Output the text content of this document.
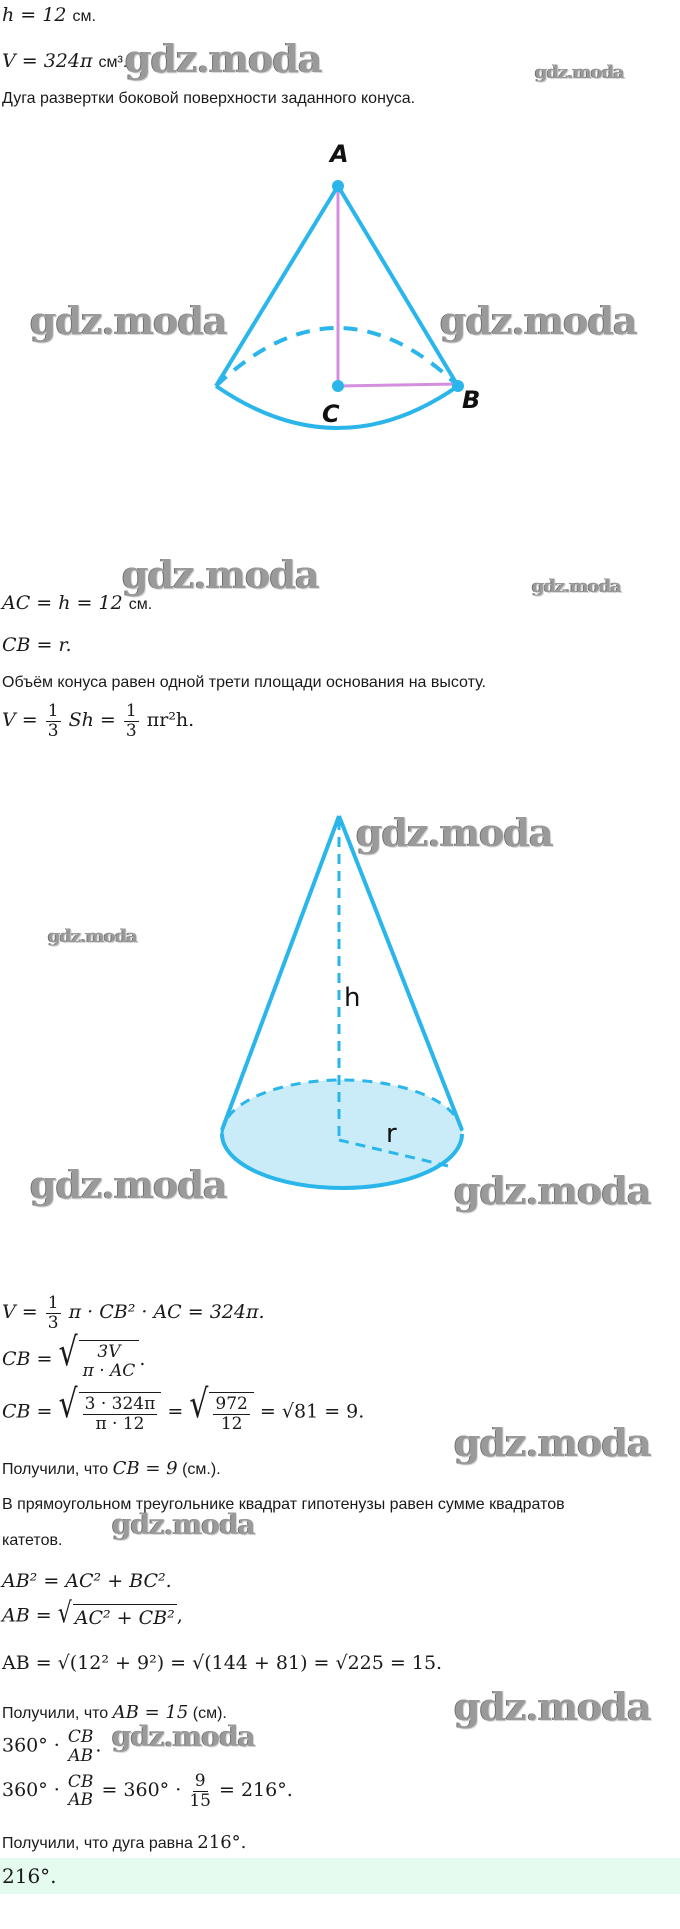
h = 12 см.
V = 324π см³.
gdz.moda	gdz.moda
Дуга развертки боковой поверхности заданного конуса.
A
C	B
gdz.moda	gdz.moda
gdz.moda	gdz.moda
AC = h = 12 см.
CB = r.
Объём конуса равен одной трети площади основания на высоту.
$V = \frac{1}{3}$ $Sh = \frac{1}{3} \pi r^2h$.
h
r
gdz.moda
gdz.moda
gdz.moda	gdz.moda
$V = \frac{1}{3}$ π · CB² · AC = 324π.
CB = √ 3V
π · AC
.
CB = √ $\frac{3 \cdot 324\pi}{\pi \cdot 12}$ = √ $\frac{972}{12} = √81 = 9$.
gdz.moda
Получили, что CB = 9 (см.).
В прямоугольном треугольнике квадрат гипотенузы равен сумме квадратов
катетов. gdz.moda
AB² = AC² + BC².
AB = √ AC² + CB² ,
AB = √(12² + 9²) = √(144 + 81) = √225 = 15.
Получили, что AB = 15 (см).	gdz.moda
gdz.moda
360° · CB
AB .
360° · CB
AB = $360^\circ \cdot \frac{9}{15} = 216^\circ$.
Получили, что дуга равна 216°.
216°.
